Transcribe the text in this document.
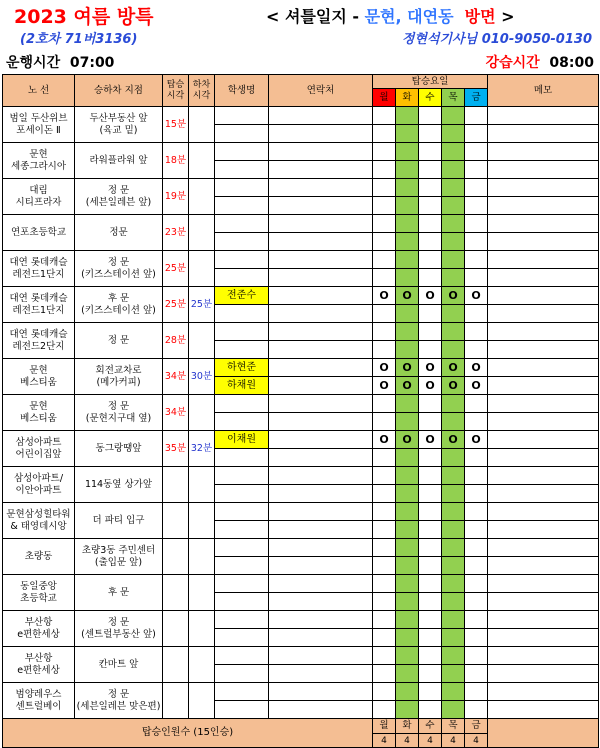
2023 여름 방특	< 셔틀일지 - 문현, 대연동 방면 >
(2호차 71버3136)	정현석기사님 010-9050-0130
운행시간 07:00	강습시간 08:00
노 선	승하차 지점	탑승
시각	하차
시각	학생명	연락처	탑승요일					메모
						월	화	수	목	금	
범일 두산위브
포세이돈 Ⅱ	두산부동산 앞
(육교 밑)	15분									

문현
세종그라시아	라워플라워 앞	18분									

대림
시티프라자	정 문
(세븐일레븐 앞)	19분									

연포초등학교	정문	23분									

대연 롯데캐슬
레전드1단지	정 문
(키즈스테이션 앞)	25분									

대연 롯데캐슬
레전드1단지	후 문
(키즈스테이션 앞)	25분	25분	전준수		O	O	O	O	O	

대연 롯데캐슬
레전드2단지	정 문	28분									

문현
베스티움	회전교차로
(메가커피)	34분	30분	하현준		O	O	O	O	O	
				하채원		O	O	O	O	O	
문현
베스티움	정 문
(문현지구대 옆)	34분									

삼성아파트
어린이집앞	동그랑땡앞	35분	32분	이채원		O	O	O	O	O	

삼성아파트/
이안아파트	114동옆 상가앞										

문현삼성힐타워
& 태영데시앙	더 파티 입구										

초량동	초량3동 주민센터
(출입문 앞)										

동일중앙
초등학교	후 문										

부산항
e편한세상	정 문
(센트럴부동산 앞)										

부산항
e편한세상	칸마트 앞										

범양레우스
센트럴베이	정 문
(세븐일레븐 맞은편)										

탑승인원수 (15인승)						월	화	수	목	금	
						4	4	4	4	4	
